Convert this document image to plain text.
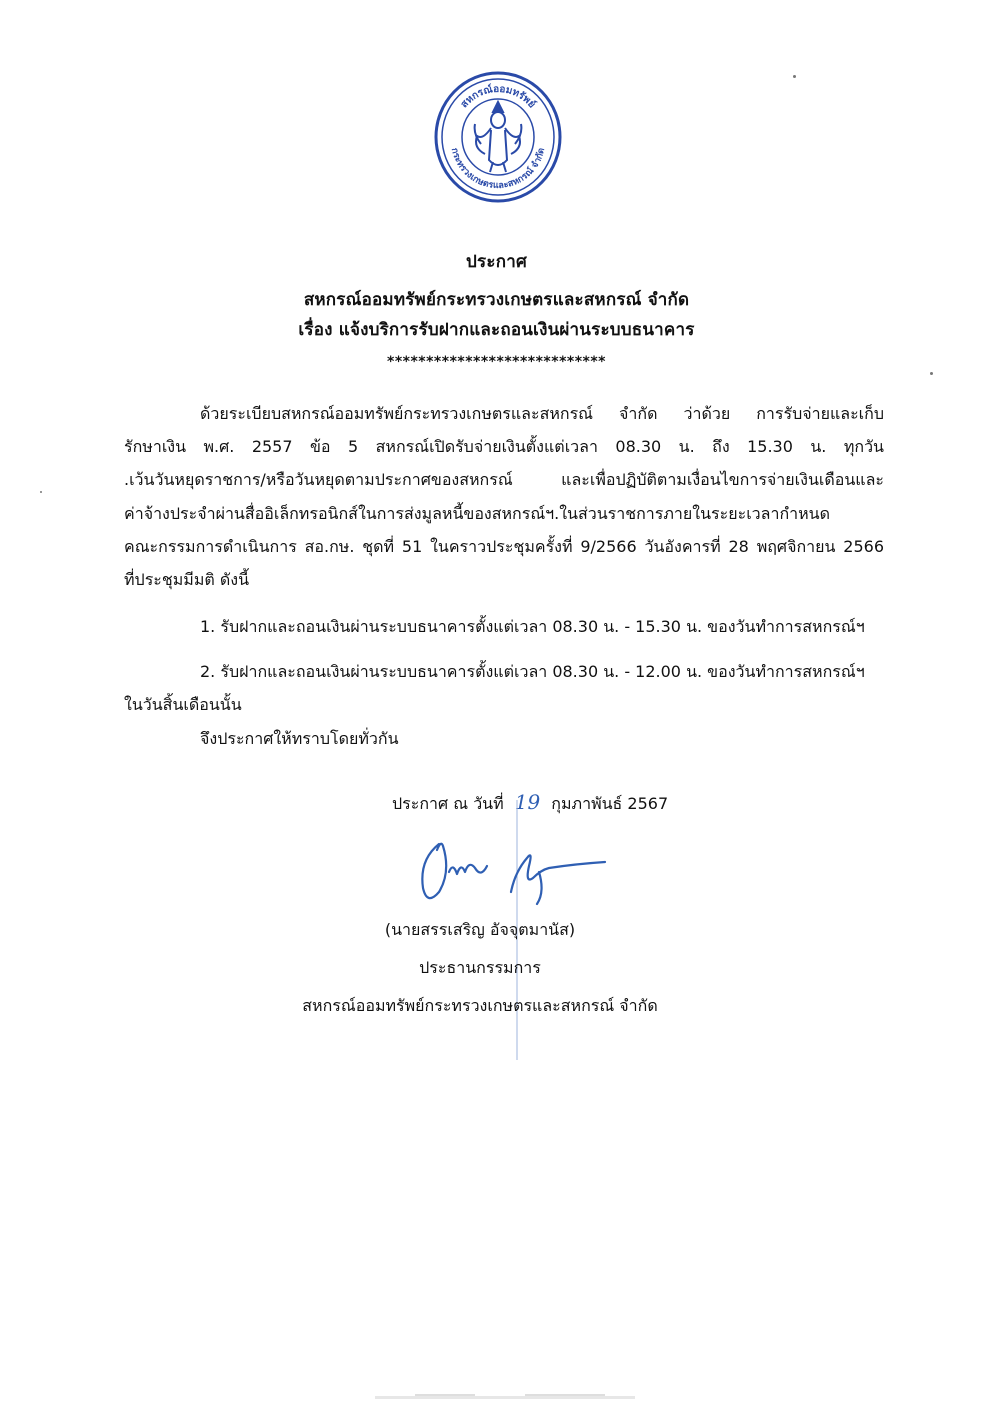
สหกรณ์ออมทรัพย์
กระทรวงเกษตรและสหกรณ์ จำกัด
ประกาศ
สหกรณ์ออมทรัพย์กระทรวงเกษตรและสหกรณ์ จำกัด
เรื่อง แจ้งบริการรับฝากและถอนเงินผ่านระบบธนาคาร
****************************
ด้วยระเบียบสหกรณ์ออมทรัพย์กระทรวงเกษตรและสหกรณ์ จำกัด ว่าด้วย การรับจ่ายและเก็บ
รักษาเงิน พ.ศ. 2557 ข้อ 5 สหกรณ์เปิดรับจ่ายเงินตั้งแต่เวลา 08.30 น. ถึง 15.30 น. ทุกวัน
.เว้นวันหยุดราชการ/หรือวันหยุดตามประกาศของสหกรณ์ และเพื่อปฏิบัติตามเงื่อนไขการจ่ายเงินเดือนและ
ค่าจ้างประจำผ่านสื่ออิเล็กทรอนิกส์ในการส่งมูลหนี้ของสหกรณ์ฯ.ในส่วนราชการภายในระยะเวลากำหนด
คณะกรรมการดำเนินการ สอ.กษ. ชุดที่ 51 ในคราวประชุมครั้งที่ 9/2566 วันอังคารที่ 28 พฤศจิกายน 2566
ที่ประชุมมีมติ ดังนี้
1. รับฝากและถอนเงินผ่านระบบธนาคารตั้งแต่เวลา 08.30 น. - 15.30 น. ของวันทำการสหกรณ์ฯ
2. รับฝากและถอนเงินผ่านระบบธนาคารตั้งแต่เวลา 08.30 น. - 12.00 น. ของวันทำการสหกรณ์ฯ
ในวันสิ้นเดือนนั้น
จึงประกาศให้ทราบโดยทั่วกัน
ประกาศ ณ วันที่ 19 กุมภาพันธ์ 2567
(นายสรรเสริญ อัจจุตมานัส)
ประธานกรรมการ
สหกรณ์ออมทรัพย์กระทรวงเกษตรและสหกรณ์ จำกัด
